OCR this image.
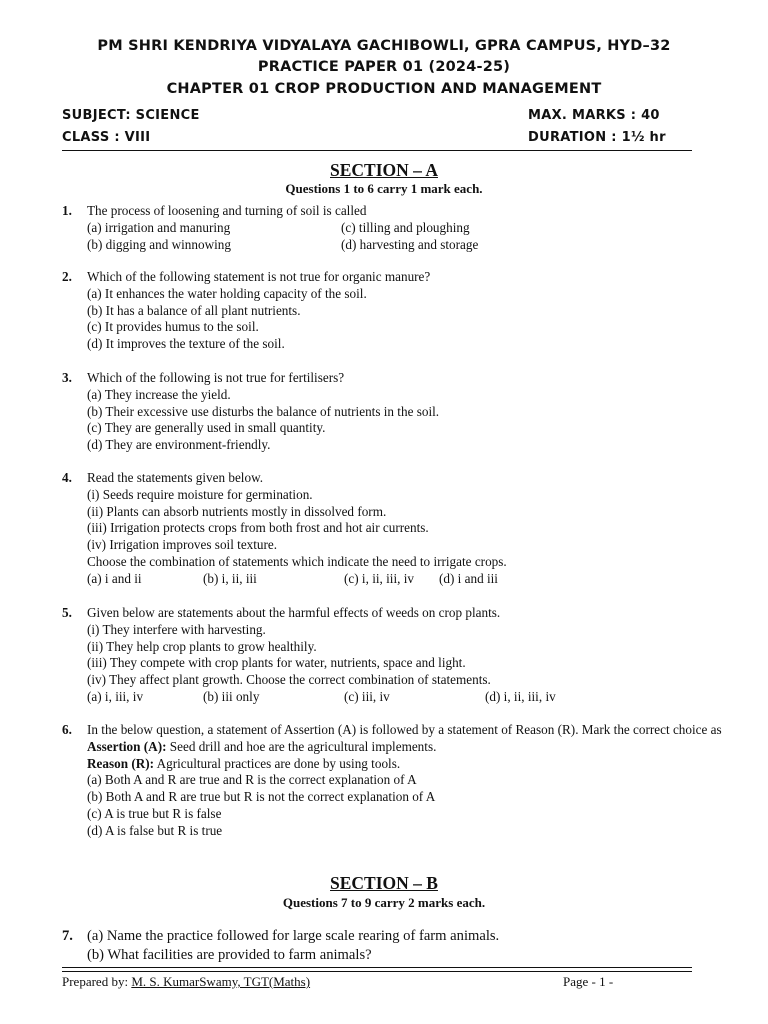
PM SHRI KENDRIYA VIDYALAYA GACHIBOWLI, GPRA CAMPUS, HYD–32
PRACTICE PAPER 01 (2024-25)
CHAPTER 01 CROP PRODUCTION AND MANAGEMENT
SUBJECT: SCIENCE	MAX. MARKS : 40
CLASS : VIII	DURATION : 1½ hr
SECTION – A
Questions 1 to 6 carry 1 mark each.
1. The process of loosening and turning of soil is called
(a) irrigation and manuring	(c) tilling and ploughing
(b) digging and winnowing	(d) harvesting and storage
2. Which of the following statement is not true for organic manure?
(a) It enhances the water holding capacity of the soil.
(b) It has a balance of all plant nutrients.
(c) It provides humus to the soil.
(d) It improves the texture of the soil.
3. Which of the following is not true for fertilisers?
(a) They increase the yield.
(b) Their excessive use disturbs the balance of nutrients in the soil.
(c) They are generally used in small quantity.
(d) They are environment-friendly.
4. Read the statements given below.
(i) Seeds require moisture for germination.
(ii) Plants can absorb nutrients mostly in dissolved form.
(iii) Irrigation protects crops from both frost and hot air currents.
(iv) Irrigation improves soil texture.
Choose the combination of statements which indicate the need to irrigate crops.
(a) i and ii	(b) i, ii, iii	(c) i, ii, iii, iv	(d) i and iii
5. Given below are statements about the harmful effects of weeds on crop plants.
(i) They interfere with harvesting.
(ii) They help crop plants to grow healthily.
(iii) They compete with crop plants for water, nutrients, space and light.
(iv) They affect plant growth. Choose the correct combination of statements.
(a) i, iii, iv	(b) iii only	(c) iii, iv	(d) i, ii, iii, iv
6. In the below question, a statement of Assertion (A) is followed by a statement of Reason (R). Mark the correct choice as
Assertion (A): Seed drill and hoe are the agricultural implements.
Reason (R): Agricultural practices are done by using tools.
(a) Both A and R are true and R is the correct explanation of A
(b) Both A and R are true but R is not the correct explanation of A
(c) A is true but R is false
(d) A is false but R is true
SECTION – B
Questions 7 to 9 carry 2 marks each.
7. (a) Name the practice followed for large scale rearing of farm animals.
(b) What facilities are provided to farm animals?
Prepared by: M. S. KumarSwamy, TGT(Maths)	Page - 1 -
